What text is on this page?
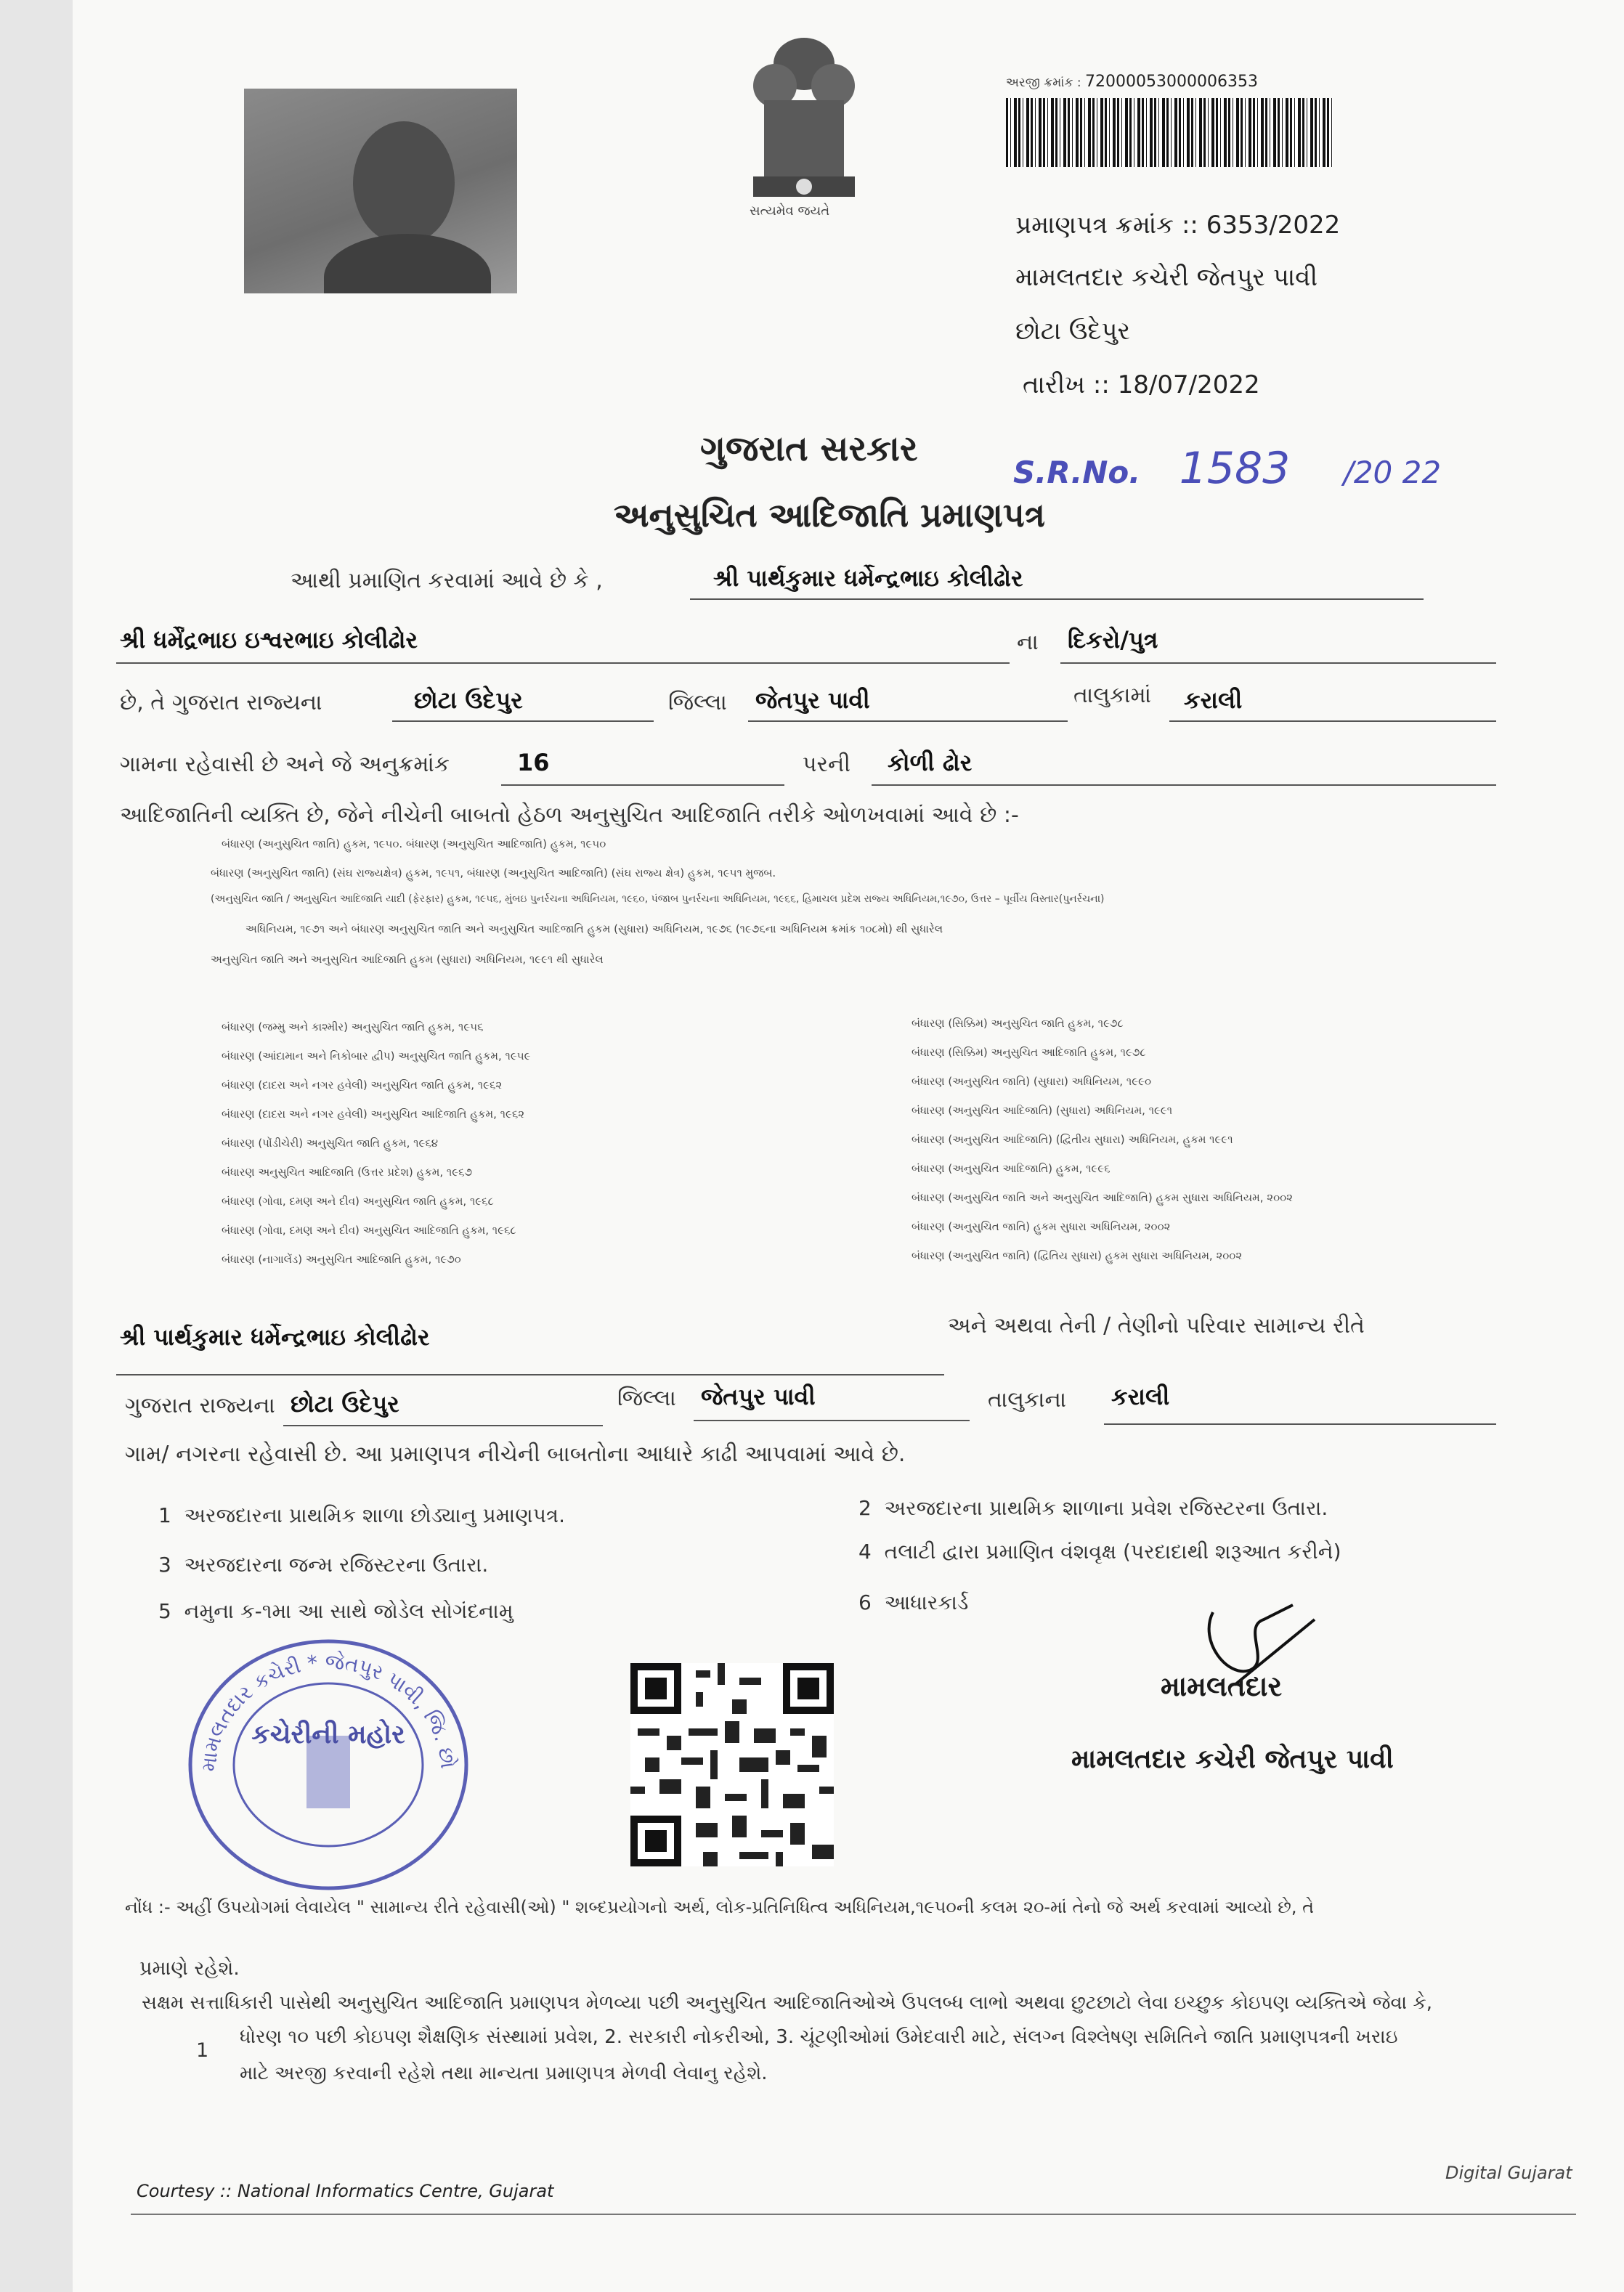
સત્યમેવ જયતે
અરજી ક્રમાંક : 72000053000006353
પ્રમાણપત્ર ક્રમાંક :: 6353/2022
મામલતદાર કચેરી જેતપુર પાવી
છોટા ઉદેપુર
તારીખ :: 18/07/2022
ગુજરાત સરકાર
S.R.No. 1583 /20 22
અનુસુચિત આદિજાતિ પ્રમાણપત્ર
આથી પ્રમાણિત કરવામાં આવે છે કે ,	શ્રી પાર્થકુમાર ધર્મેન્દ્રભાઇ કોલીઢોર
શ્રી ધર્મેંદ્રભાઇ ઇશ્વરભાઇ કોલીઢોર	ના દિકરો/પુત્ર
છે, તે ગુજરાત રાજ્યના	છોટા ઉદેપુર	જિલ્લા જેતપુર પાવી	તાલુકામાં કરાલી
ગામના રહેવાસી છે અને જે અનુક્રમાંક	16	પરની કોળી ઢોર
આદિજાતિની વ્યક્તિ છે, જેને નીચેની બાબતો હેઠળ અનુસુચિત આદિજાતિ તરીકે ઓળખવામાં આવે છે :-
બંધારણ (અનુસુચિત જાતિ) હુકમ, ૧૯૫૦. બંધારણ (અનુસુચિત આદિજાતિ) હુકમ, ૧૯૫૦
બંધારણ (અનુસુચિત જાતિ) (સંઘ રાજ્યક્ષેત્ર) હુકમ, ૧૯૫૧, બંધારણ (અનુસુચિત આદિજાતિ) (સંઘ રાજ્ય ક્ષેત્ર) હુકમ, ૧૯૫૧ મુજબ.
(અનુસુચિત જાતિ / અનુસુચિત આદિજાતિ યાદી (ફેરફાર) હુકમ, ૧૯૫૬, મુંબઇ પુનર્રચના અધિનિયમ, ૧૯૬૦, પંજાબ પુનર્રચના અધિનિયમ, ૧૯૬૬, હિમાચલ પ્રદેશ રાજ્ય અધિનિયમ,૧૯૭૦, ઉત્તર – પૂર્વીય વિસ્તાર(પુનર્રચના)
અધિનિયમ, ૧૯૭૧ અને બંધારણ અનુસુચિત જાતિ અને અનુસુચિત આદિજાતિ હુકમ (સુધારા) અધિનિયમ, ૧૯૭૬ (૧૯૭૬ના અધિનિયમ ક્રમાંક ૧૦૮મો) થી સુધારેલ
અનુસુચિત જાતિ અને અનુસુચિત આદિજાતિ હુકમ (સુધારા) અધિનિયમ, ૧૯૯૧ થી સુધારેલ
બંધારણ (જમ્મુ અને કાશ્મીર) અનુસુચિત જાતિ હુકમ, ૧૯૫૬
બંધારણ (આંદામાન અને નિકોબાર દ્વીપ) અનુસુચિત જાતિ હુકમ, ૧૯૫૯
બંધારણ (દાદરા અને નગર હવેલી) અનુસુચિત જાતિ હુકમ, ૧૯૬૨
બંધારણ (દાદરા અને નગર હવેલી) અનુસુચિત આદિજાતિ હુકમ, ૧૯૬૨
બંધારણ (પોંડીચેરી) અનુસુચિત જાતિ હુકમ, ૧૯૬૪
બંધારણ અનુસુચિત આદિજાતિ (ઉત્તર પ્રદેશ) હુકમ, ૧૯૬૭
બંધારણ (ગોવા, દમણ અને દીવ) અનુસુચિત જાતિ હુકમ, ૧૯૬૮
બંધારણ (ગોવા, દમણ અને દીવ) અનુસુચિત આદિજાતિ હુકમ, ૧૯૬૮
બંધારણ (નાગાલેંડ) અનુસુચિત આદિજાતિ હુકમ, ૧૯૭૦
બંધારણ (સિક્કિમ) અનુસુચિત જાતિ હુકમ, ૧૯૭૮
બંધારણ (સિક્કિમ) અનુસુચિત આદિજાતિ હુકમ, ૧૯૭૮
બંધારણ (અનુસુચિત જાતિ) (સુધારા) અધિનિયમ, ૧૯૯૦
બંધારણ (અનુસુચિત આદિજાતિ) (સુધારા) અધિનિયમ, ૧૯૯૧
બંધારણ (અનુસુચિત આદિજાતિ) (દ્વિતીય સુધારા) અધિનિયમ, હુકમ ૧૯૯૧
બંધારણ (અનુસુચિત આદિજાતિ) હુકમ, ૧૯૯૬
બંધારણ (અનુસુચિત જાતિ અને અનુસુચિત આદિજાતિ) હુકમ સુધારા અધિનિયમ, ૨૦૦૨
બંધારણ (અનુસુચિત જાતિ) હુકમ સુધારા અધિનિયમ, ૨૦૦૨
બંધારણ (અનુસુચિત જાતિ) (દ્વિતિય સુધારા) હુકમ સુધારા અધિનિયમ, ૨૦૦૨
શ્રી પાર્થકુમાર ધર્મેન્દ્રભાઇ કોલીઢોર	અને અથવા તેની / તેણીનો પરિવાર સામાન્ય રીતે
ગુજરાત રાજ્યના છોટા ઉદેપુર	જિલ્લા જેતપુર પાવી	તાલુકાના કરાલી
ગામ/ નગરના રહેવાસી છે. આ પ્રમાણપત્ર નીચેની બાબતોના આધારે કાઢી આપવામાં આવે છે.
1 અરજદારના પ્રાથમિક શાળા છોડ્યાનુ પ્રમાણપત્ર.	2 અરજદારના પ્રાથમિક શાળાના પ્રવેશ રજિસ્ટરના ઉતારા.
3 અરજદારના જન્મ રજિસ્ટરના ઉતારા.
4 તલાટી દ્વારા પ્રમાણિત વંશવૃક્ષ (પરદાદાથી શરૂઆત કરીને)
5 નમુના ક-૧મા આ સાથે જોડેલ સોગંદનામુ	6 આધારકાર્ડ
મામલતદાર કચેરી * જેતપુર પાવી, જિ. છો
કચેરીની મહોર
મામલતદાર
મામલતદાર કચેરી જેતપુર પાવી
નોંધ :- અહીં ઉપયોગમાં લેવાયેલ " સામાન્ય રીતે રહેવાસી(ઓ) " શબ્દપ્રયોગનો અર્થ, લોક-પ્રતિનિધિત્વ અધિનિયમ,૧૯૫૦ની કલમ ૨૦-માં તેનો જે અર્થ કરવામાં આવ્યો છે, તે
પ્રમાણે રહેશે.
સક્ષમ સત્તાધિકારી પાસેથી અનુસુચિત આદિજાતિ પ્રમાણપત્ર મેળવ્યા પછી અનુસુચિત આદિજાતિઓએ ઉપલબ્ધ લાભો અથવા છુટછાટો લેવા ઇચ્છુક કોઇપણ વ્યક્તિએ જેવા કે,
1
ધોરણ ૧૦ પછી કોઇપણ શૈક્ષણિક સંસ્થામાં પ્રવેશ, 2. સરકારી નોકરીઓ, 3. ચૂંટણીઓમાં ઉમેદવારી માટે, સંલગ્ન વિશ્લેષણ સમિતિને જાતિ પ્રમાણપત્રની ખરાઇ
માટે અરજી કરવાની રહેશે તથા માન્યતા પ્રમાણપત્ર મેળવી લેવાનુ રહેશે.
Courtesy :: National Informatics Centre, Gujarat
Digital Gujarat
